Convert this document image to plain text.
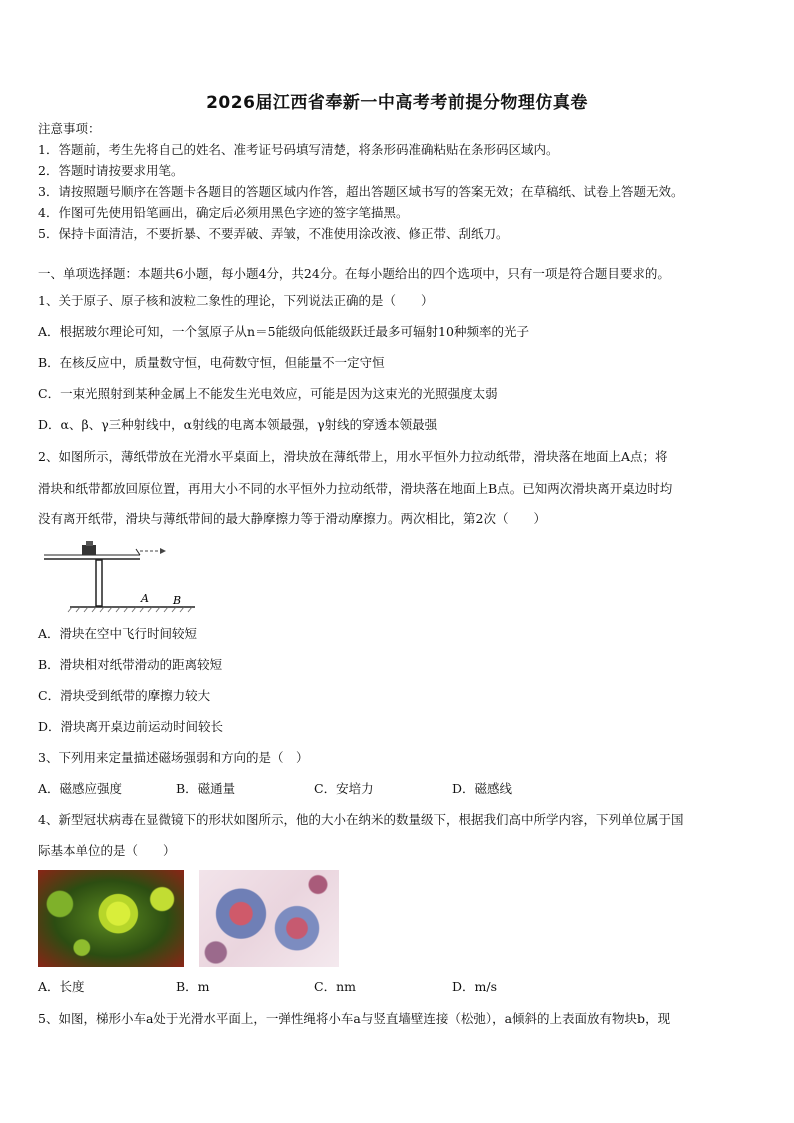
2026届江西省奉新一中高考考前提分物理仿真卷
注意事项：
1．答题前，考生先将自己的姓名、准考证号码填写清楚，将条形码准确粘贴在条形码区域内。
2．答题时请按要求用笔。
3．请按照题号顺序在答题卡各题目的答题区域内作答，超出答题区域书写的答案无效；在草稿纸、试卷上答题无效。
4．作图可先使用铅笔画出，确定后必须用黑色字迹的签字笔描黑。
5．保持卡面清洁，不要折暴、不要弄破、弄皱，不准使用涂改液、修正带、刮纸刀。
一、单项选择题：本题共6小题，每小题4分，共24分。在每小题给出的四个选项中，只有一项是符合题目要求的。
1、关于原子、原子核和波粒二象性的理论，下列说法正确的是（　　）
A．根据玻尔理论可知，一个氢原子从n＝5能级向低能级跃迁最多可辐射10种频率的光子
B．在核反应中，质量数守恒，电荷数守恒，但能量不一定守恒
C．一束光照射到某种金属上不能发生光电效应，可能是因为这束光的光照强度太弱
D．α、β、γ三种射线中，α射线的电离本领最强，γ射线的穿透本领最强
2、如图所示，薄纸带放在光滑水平桌面上，滑块放在薄纸带上，用水平恒外力拉动纸带，滑块落在地面上A点；将
滑块和纸带都放回原位置，再用大小不同的水平恒外力拉动纸带，滑块落在地面上B点。已知两次滑块离开桌边时均
没有离开纸带，滑块与薄纸带间的最大静摩擦力等于滑动摩擦力。两次相比，第2次（　　）
A B
A．滑块在空中飞行时间较短
B．滑块相对纸带滑动的距离较短
C．滑块受到纸带的摩擦力较大
D．滑块离开桌边前运动时间较长
3、下列用来定量描述磁场强弱和方向的是（　）
A．磁感应强度	B．磁通量	C．安培力	D．磁感线
4、新型冠状病毒在显微镜下的形状如图所示，他的大小在纳米的数量级下，根据我们高中所学内容，下列单位属于国
际基本单位的是（　　）
A．长度	B．m	C．nm	D．m/s
5、如图，梯形小车a处于光滑水平面上，一弹性绳将小车a与竖直墙壁连接（松弛），a倾斜的上表面放有物块b，现
